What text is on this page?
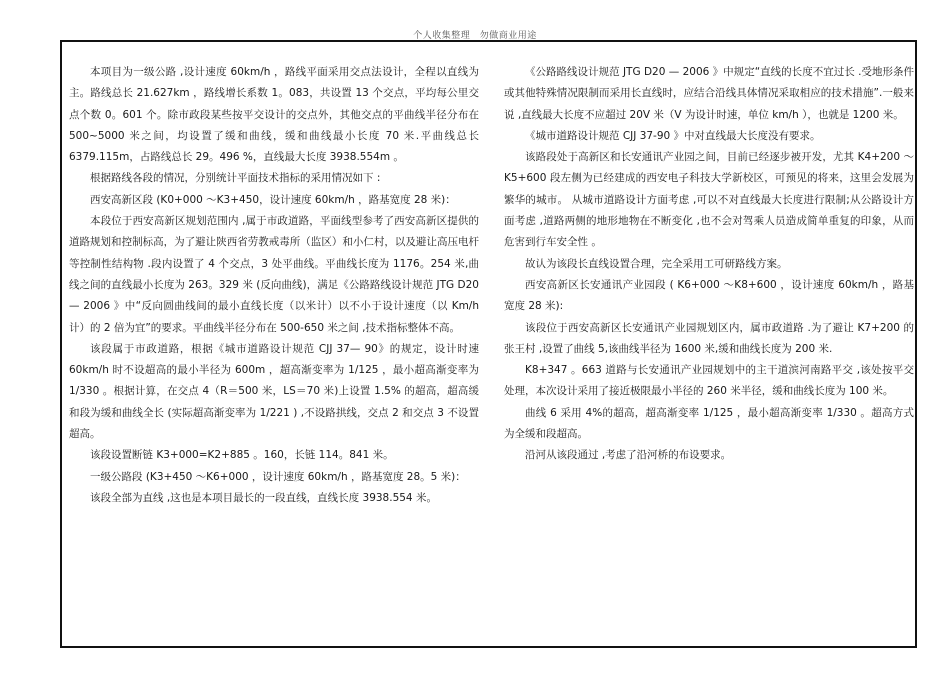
个人收集整理　勿做商业用途

本项目为一级公路 ,设计速度 60km/h ，路线平面采用交点法设计，全程以直线为主。路线总长 21.627km ，路线增长系数 1。083，共设置 13 个交点，平均每公里交点个数 0。601 个。除市政段某些按平交设计的交点外，其他交点的平曲线半径分布在 500~5000 米之间，均设置了缓和曲线，缓和曲线最小长度 70 米.平曲线总长 6379.115m，占路线总长 29。496 %，直线最大长度 3938.554m 。

根据路线各段的情况，分别统计平面技术指标的采用情况如下 :

西安高新区段 (K0+000 ～K3+450，设计速度 60km/h ，路基宽度 28 米)：

本段位于西安高新区规划范围内 ,属于市政道路，平面线型参考了西安高新区提供的道路规划和控制标高，为了避让陕西省劳教戒毒所（监区）和小仁村，以及避让高压电杆等控制性结构物 .段内设置了 4 个交点，3 处平曲线。平曲线长度为 1176。254 米,曲线之间的直线最小长度为 263。329 米 (反向曲线)，满足《公路路线设计规范 JTG D20 — 2006 》中“反向圆曲线间的最小直线长度（以米计）以不小于设计速度（以 Km/h 计）的 2 倍为宜”的要求。平曲线半径分布在 500-650 米之间 ,技术指标整体不高。

该段属于市政道路，根据《城市道路设计规范 CJJ 37— 90》的规定，设计时速 60km/h 时不设超高的最小半径为 600m ，超高渐变率为 1/125 ，最小超高渐变率为 1/330 。根据计算，在交点 4（R＝500 米，LS＝70 米)上设置 1.5% 的超高，超高缓和段为缓和曲线全长 (实际超高渐变率为 1/221 ) ,不设路拱线，交点 2 和交点 3 不设置超高。

该段设置断链 K3+000=K2+885 。160，长链 114。841 米。

一级公路段 (K3+450 ～K6+000 ，设计速度 60km/h ，路基宽度 28。5 米)：

该段全部为直线 ,这也是本项目最长的一段直线，直线长度 3938.554 米。

《公路路线设计规范 JTG D20 — 2006 》中规定“直线的长度不宜过长 .受地形条件或其他特殊情况限制而采用长直线时，应结合沿线具体情况采取相应的技术措施”.一般来说 ,直线最大长度不应超过 20V 米（V 为设计时速，单位 km/h ），也就是 1200 米。

《城市道路设计规范 CJJ 37-90 》中对直线最大长度没有要求。

该路段处于高新区和长安通讯产业园之间，目前已经逐步被开发，尤其 K4+200 ～K5+600 段左侧为已经建成的西安电子科技大学新校区，可预见的将来，这里会发展为繁华的城市。 从城市道路设计方面考虑 ,可以不对直线最大长度进行限制;从公路设计方面考虑 ,道路两侧的地形地物在不断变化 ,也不会对驾乘人员造成简单重复的印象，从而危害到行车安全性 。

故认为该段长直线设置合理，完全采用工可研路线方案。

西安高新区长安通讯产业园段 ( K6+000 ～K8+600 ，设计速度 60km/h ，路基宽度 28 米):

该段位于西安高新区长安通讯产业园规划区内，属市政道路 .为了避让 K7+200 的张王村 ,设置了曲线 5,该曲线半径为 1600 米,缓和曲线长度为 200 米.

K8+347 。663 道路与长安通讯产业园规划中的主干道滨河南路平交 ,该处按平交处理，本次设计采用了接近极限最小半径的 260 米半径，缓和曲线长度为 100 米。

曲线 6 采用 4%的超高，超高渐变率 1/125 ，最小超高渐变率 1/330 。超高方式为全缓和段超高。

沿河从该段通过 ,考虑了沿河桥的布设要求。
